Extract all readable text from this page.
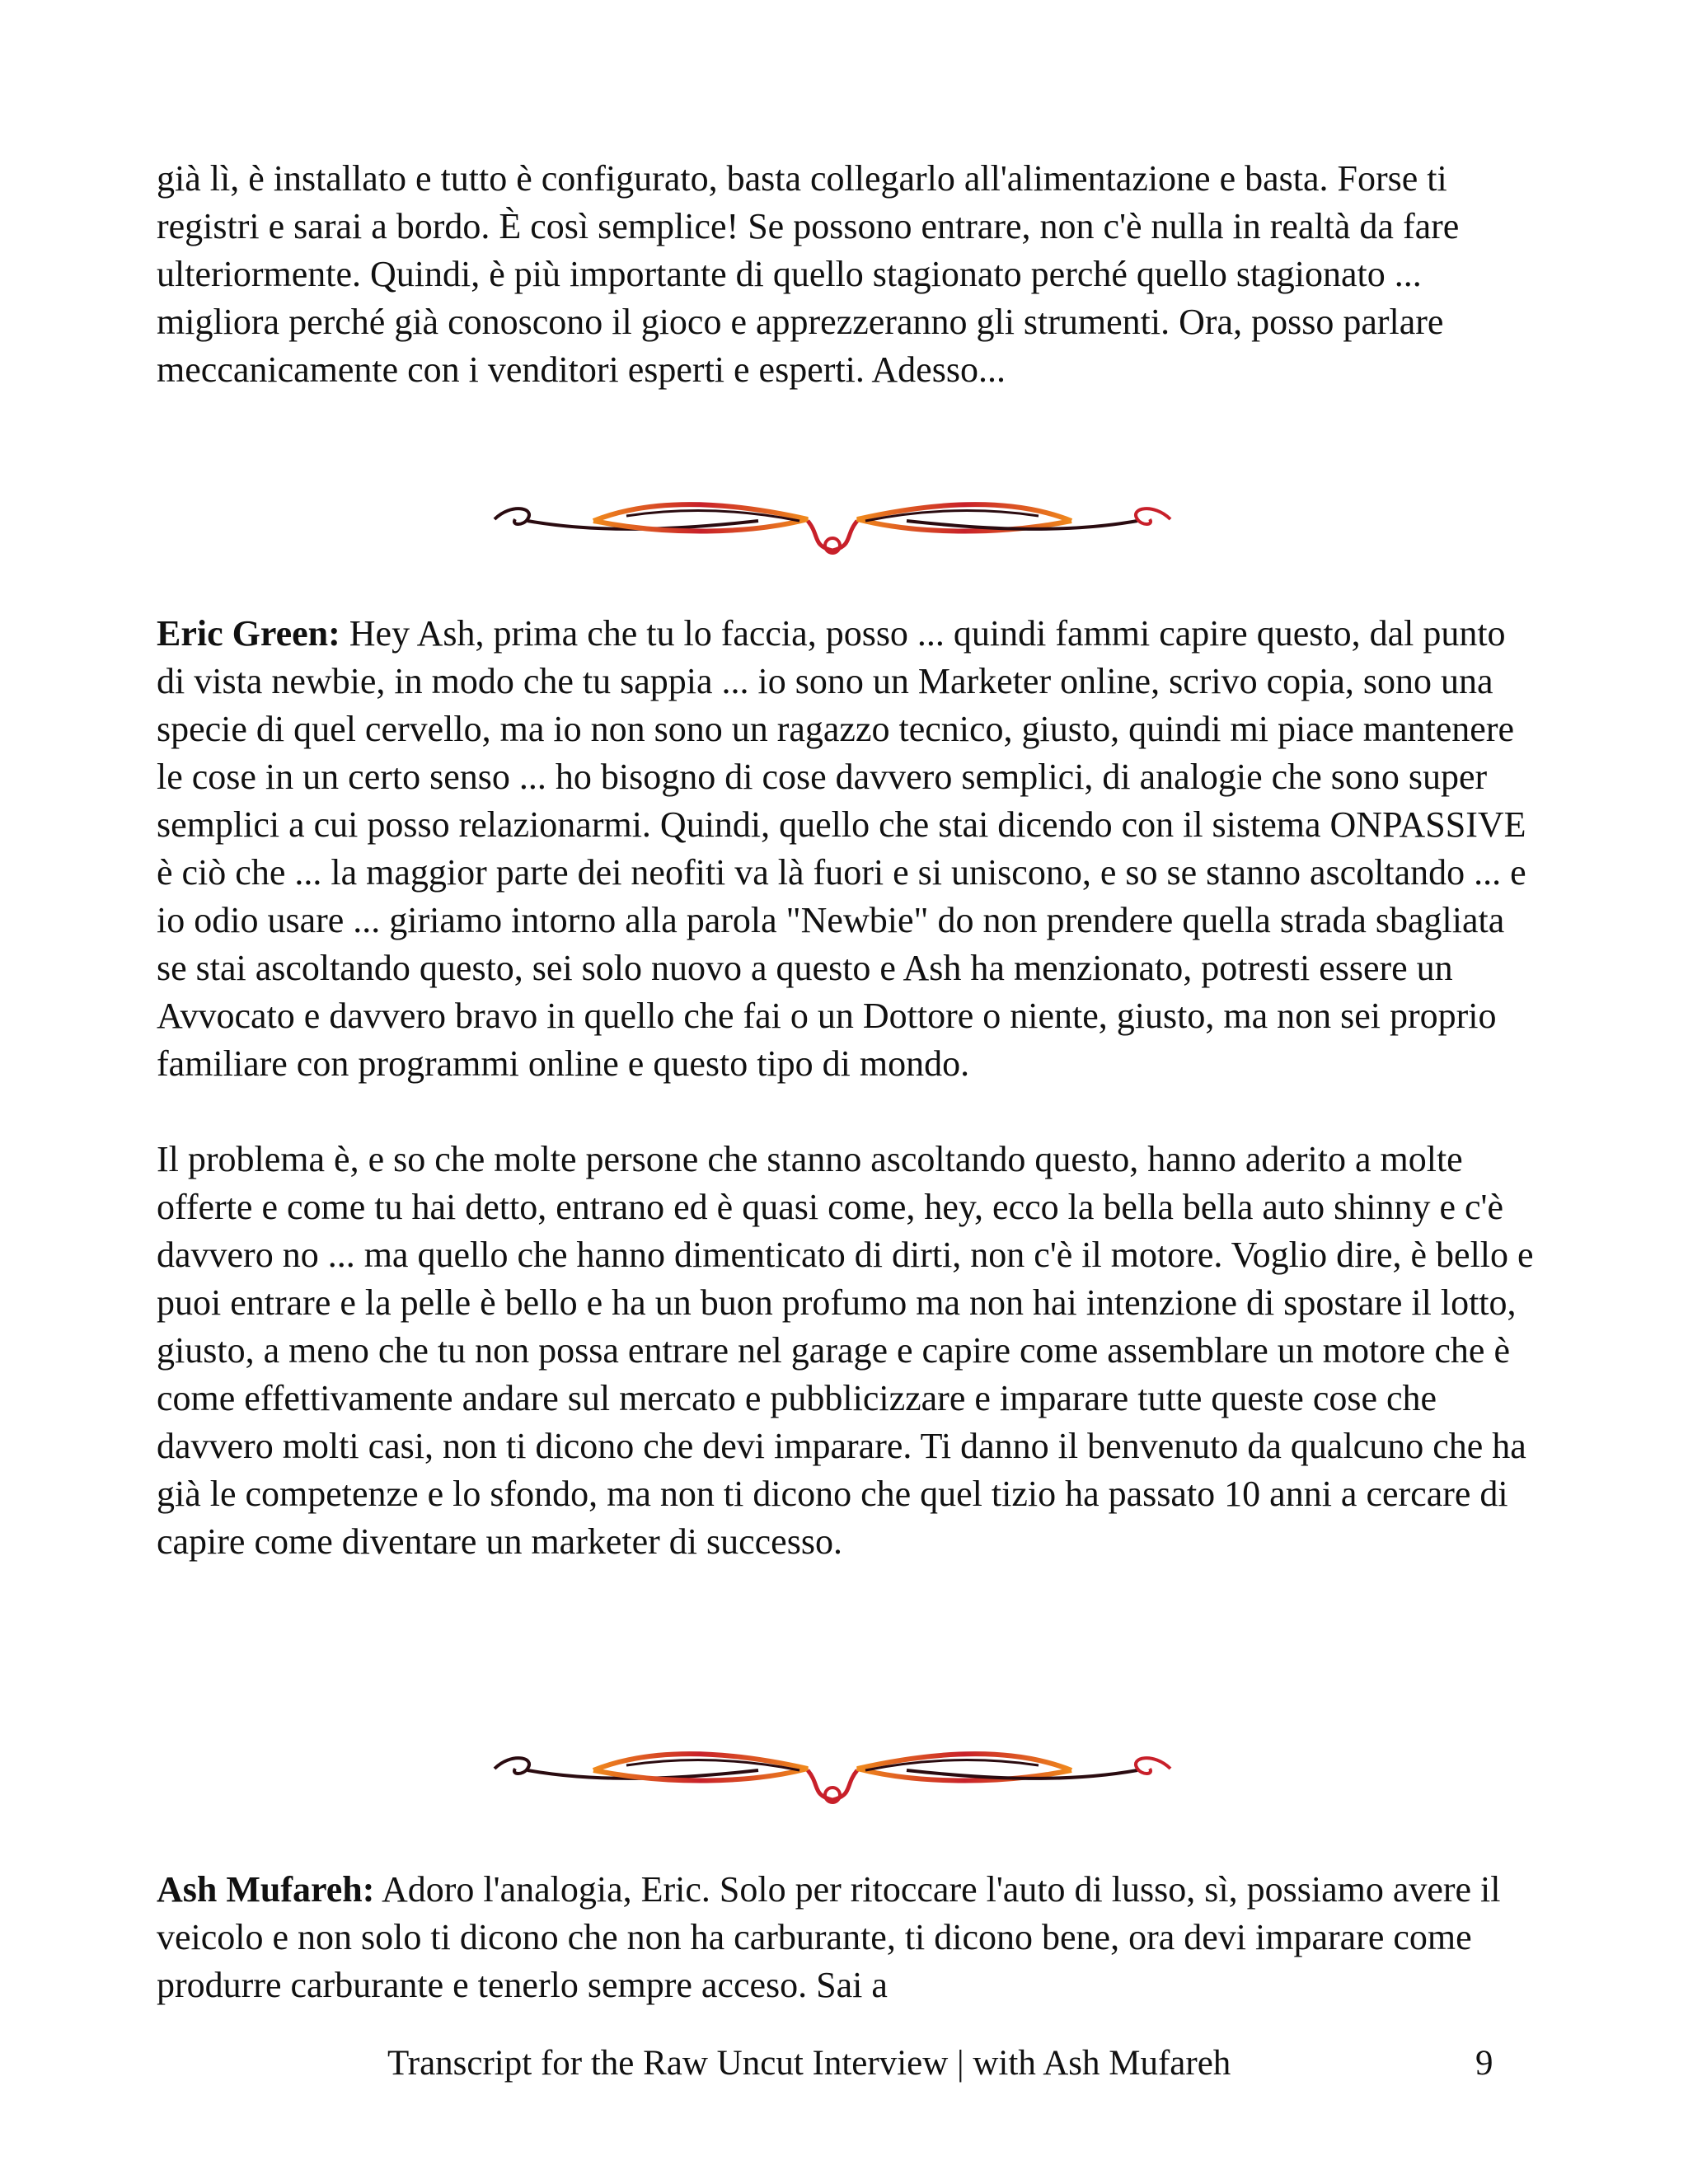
già lì, è installato e tutto è configurato, basta collegarlo all'alimentazione e basta. Forse ti registri e sarai a bordo. È così semplice! Se possono entrare, non c'è nulla in realtà da fare ulteriormente. Quindi, è più importante di quello stagionato perché quello stagionato ... migliora perché già conoscono il gioco e apprezzeranno gli strumenti. Ora, posso parlare meccanicamente con i venditori esperti e esperti. Adesso...

Eric Green: Hey Ash, prima che tu lo faccia, posso ... quindi fammi capire questo, dal punto di vista newbie, in modo che tu sappia ... io sono un Marketer online, scrivo copia, sono una specie di quel cervello, ma io non sono un ragazzo tecnico, giusto, quindi mi piace mantenere le cose in un certo senso ... ho bisogno di cose davvero semplici, di analogie che sono super semplici a cui posso relazionarmi. Quindi, quello che stai dicendo con il sistema ONPASSIVE è ciò che ... la maggior parte dei neofiti va là fuori e si uniscono, e so se stanno ascoltando ... e io odio usare ... giriamo intorno alla parola "Newbie" do non prendere quella strada sbagliata se stai ascoltando questo, sei solo nuovo a questo e Ash ha menzionato, potresti essere un Avvocato e davvero bravo in quello che fai o un Dottore o niente, giusto, ma non sei proprio familiare con programmi online e questo tipo di mondo.

Il problema è, e so che molte persone che stanno ascoltando questo, hanno aderito a molte offerte e come tu hai detto, entrano ed è quasi come, hey, ecco la bella bella auto shinny e c'è davvero no ... ma quello che hanno dimenticato di dirti, non c'è il motore. Voglio dire, è bello e puoi entrare e la pelle è bello e ha un buon profumo ma non hai intenzione di spostare il lotto, giusto, a meno che tu non possa entrare nel garage e capire come assemblare un motore che è come effettivamente andare sul mercato e pubblicizzare e imparare tutte queste cose che davvero molti casi, non ti dicono che devi imparare. Ti danno il benvenuto da qualcuno che ha già le competenze e lo sfondo, ma non ti dicono che quel tizio ha passato 10 anni a cercare di capire come diventare un marketer di successo.

Ash Mufareh: Adoro l'analogia, Eric. Solo per ritoccare l'auto di lusso, sì, possiamo avere il veicolo e non solo ti dicono che non ha carburante, ti dicono bene, ora devi imparare come produrre carburante e tenerlo sempre acceso. Sai a

Transcript for the Raw Uncut Interview | with Ash Mufareh	9
